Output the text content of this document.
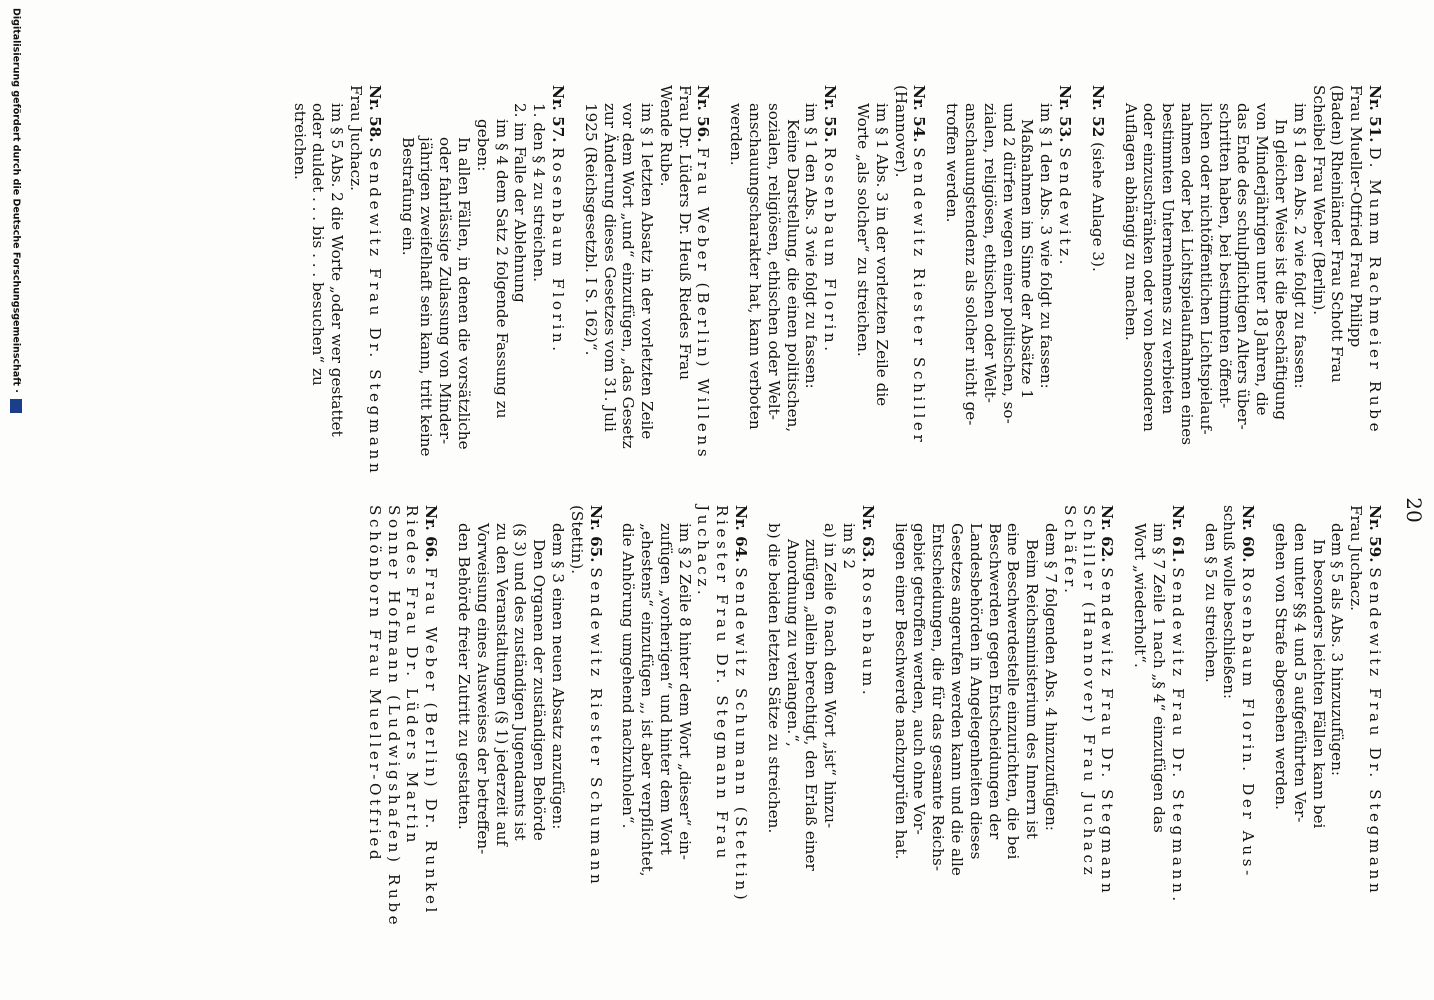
20

Nr. 51. D. Mumm Rachmeier Rube

Frau Mueller-Otfried Frau Philipp

(Baden) Rheinländer Frau Schott Frau

Scheibel Frau Weber (Berlin).

im § 1 den Abs. 2 wie folgt zu fassen:

In gleicher Weise ist die Beschäftigung

von Minderjährigen unter 18 Jahren, die

das Ende des schulpflichtigen Alters über-

schritten haben, bei bestimmten öffent-

lichen oder nichtöffentlichen Lichtspielauf-

nahmen oder bei Lichtspielaufnahmen eines

bestimmten Unternehmens zu verbieten

oder einzuschränken oder von besonderen

Auflagen abhängig zu machen.

Nr. 52 (siehe Anlage 3).

Nr. 53. Sendewitz.

im § 1 den Abs. 3 wie folgt zu fassen:

Maßnahmen im Sinne der Absätze 1

und 2 dürfen wegen einer politischen, so-

zialen, religiösen, ethischen oder Welt-

anschauungstendenz als solcher nicht ge-

troffen werden.

Nr. 54. Sendewitz Riester Schiller

(Hannover).

im § 1 Abs. 3 in der vorletzten Zeile die

Worte „als solcher“ zu streichen.

Nr. 55. Rosenbaum Florin.

im § 1 den Abs. 3 wie folgt zu fassen:

Keine Darstellung, die einen politischen,

sozialen, religiösen, ethischen oder Welt-

anschauungscharakter hat, kann verboten

werden.

Nr. 56. Frau Weber (Berlin) Willens

Frau Dr. Lüders Dr. Heuß Riedes Frau

Wende Rube.

im § 1 letzten Absatz in der vorletzten Zeile

vor dem Wort „und“ einzufügen, „das Gesetz

zur Änderung dieses Gesetzes vom 31. Juli

1925 (Reichsgesetzbl. I S. 162)“.

Nr. 57. Rosenbaum Florin.

1. den § 4 zu streichen.

2. im Falle der Ablehnung

im § 4 dem Satz 2 folgende Fassung zu

geben:

In allen Fällen, in denen die vorsätzliche

oder fahrlässige Zulassung von Minder-

jährigen zweifelhaft sein kann, tritt keine

Bestrafung ein.

Nr. 58. Sendewitz Frau Dr. Stegmann

Frau Juchacz.

im § 5 Abs. 2 die Worte „oder wer gestattet

oder duldet . . . bis . . . besuchen“ zu

streichen.

Nr. 59. Sendewitz Frau Dr. Stegmann

Frau Juchacz.

dem § 5 als Abs. 3 hinzuzufügen:

In besonders leichten Fällen kann bei

den unter §§ 4 und 5 aufgeführten Ver-

gehen von Strafe abgesehen werden.

Nr. 60. Rosenbaum Florin. Der Aus-

schuß wolle beschließen:

den § 5 zu streichen.

Nr. 61. Sendewitz Frau Dr. Stegmann.

im § 7 Zeile 1 nach „§ 4“ einzufügen das

Wort „wiederholt“.

Nr. 62. Sendewitz Frau Dr. Stegmann

Schiller (Hannover) Frau Juchacz

Schäfer.

dem § 7 folgenden Abs. 4 hinzuzufügen:

Beim Reichsministerium des Innern ist

eine Beschwerdestelle einzurichten, die bei

Beschwerden gegen Entscheidungen der

Landesbehörden in Angelegenheiten dieses

Gesetzes angerufen werden kann und die alle

Entscheidungen, die für das gesamte Reichs-

gebiet getroffen werden, auch ohne Vor-

liegen einer Beschwerde nachzuprüfen hat.

Nr. 63. Rosenbaum.

im § 2

a) in Zeile 6 nach dem Wort „ist“ hinzu-

zufügen „allein berechtigt, den Erlaß einer

Anordnung zu verlangen.“,

b) die beiden letzten Sätze zu streichen.

Nr. 64. Sendewitz Schumann (Stettin)

Riester Frau Dr. Stegmann Frau

Juchacz.

im § 2 Zeile 8 hinter dem Wort „dieser“ ein-

zufügen „vorherigen“ und hinter dem Wort

„ehestens“ einzufügen „, ist aber verpflichtet,

die Anhörung umgehend nachzuholen“.

Nr. 65. Sendewitz Riester Schumann

(Stettin).

dem § 3 einen neuen Absatz anzufügen:

Den Organen der zuständigen Behörde

(§ 3) und des zuständigen Jugendamts ist

zu den Veranstaltungen (§ 1) jederzeit auf

Vorweisung eines Ausweises der betreffen-

den Behörde freier Zutritt zu gestatten.

Nr. 66. Frau Weber (Berlin) Dr. Runkel

Riedes Frau Dr. Lüders Martin

Sonner Hofmann (Ludwigshafen) Rube

Schönborn Frau Mueller-Otfried

Digitalisierung gefördert durch die Deutsche Forschungsgemeinschaft ·
